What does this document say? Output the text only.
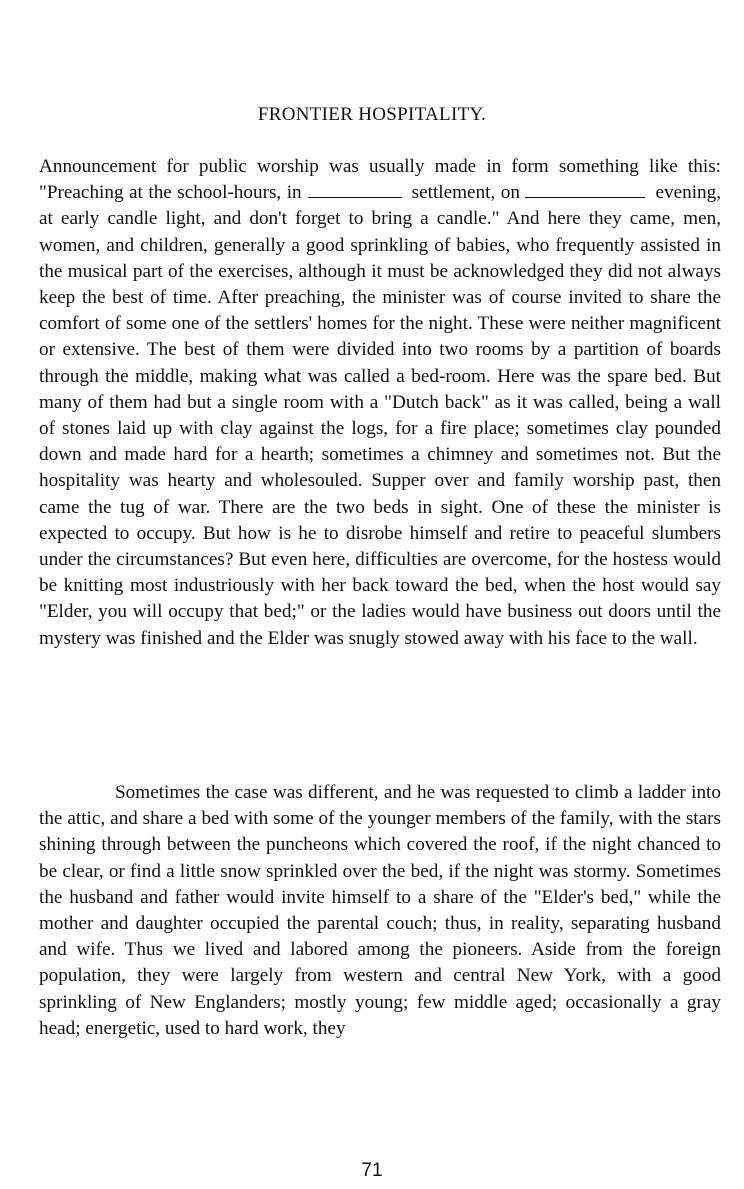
FRONTIER HOSPITALITY.

Announcement for public worship was usually made in form something like this: "Preaching at the school-hours, in	settlement, on	evening, at early candle light, and don't forget to bring a candle." And here they came, men, women, and children, generally a good sprinkling of babies, who frequently assisted in the musical part of the exercises, although it must be acknowledged they did not always keep the best of time. After preaching, the minister was of course invited to share the comfort of some one of the settlers' homes for the night. These were neither magnificent or extensive. The best of them were divided into two rooms by a partition of boards through the middle, making what was called a bed-room. Here was the spare bed. But many of them had but a single room with a "Dutch back" as it was called, being a wall of stones laid up with clay against the logs, for a fire place; sometimes clay pounded down and made hard for a hearth; sometimes a chimney and sometimes not. But the hospitality was hearty and wholesouled. Supper over and family worship past, then came the tug of war. There are the two beds in sight. One of these the minister is expected to occupy. But how is he to disrobe himself and retire to peaceful slumbers under the circumstances? But even here, difficulties are overcome, for the hostess would be knitting most industriously with her back toward the bed, when the host would say "Elder, you will occupy that bed;" or the ladies would have business out doors until the mystery was finished and the Elder was snugly stowed away with his face to the wall.

Sometimes the case was different, and he was requested to climb a ladder into the attic, and share a bed with some of the younger members of the family, with the stars shining through between the puncheons which covered the roof, if the night chanced to be clear, or find a little snow sprinkled over the bed, if the night was stormy. Sometimes the husband and father would invite himself to a share of the "Elder's bed," while the mother and daughter occupied the parental couch; thus, in reality, separating husband and wife. Thus we lived and labored among the pioneers. Aside from the foreign population, they were largely from western and central New York, with a good sprinkling of New Englanders; mostly young; few middle aged; occasionally a gray head; energetic, used to hard work, they

71
